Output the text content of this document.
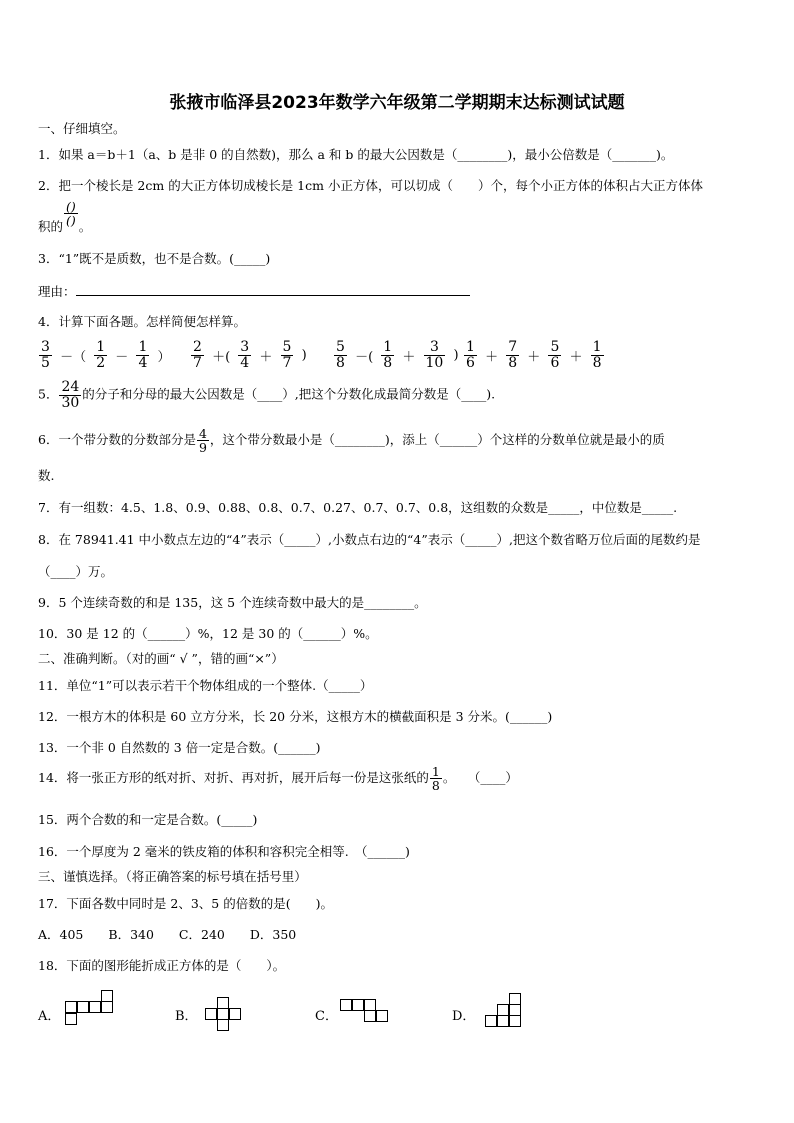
张掖市临泽县2023年数学六年级第二学期期末达标测试试题
一、仔细填空。
1．如果 a＝b＋1（a、b 是非 0 的自然数)，那么 a 和 b 的最大公因数是（________)，最小公倍数是（_______)。
2．把一个棱长是 2cm 的大正方体切成棱长是 1cm 小正方体，可以切成（　　）个，每个小正方体的体积占大正方体体
积的 $\frac{()}{()}$ 。
3．“1”既不是质数，也不是合数。(_____)
理由：
4．计算下面各题。怎样简便怎样算。
$\frac{3}{5}$ －（ $\frac{1}{2} - \frac{1}{4}$ ） $\frac{2}{7}$ ＋( $\frac{3}{4} + \frac{5}{7}$ ) $\frac{5}{8}$ －( $\frac{1}{8} + \frac{3}{10}$ ) $\frac{1}{6} + \frac{7}{8} + \frac{5}{6} + \frac{1}{8}$
5． $\frac{24}{30}$ 的分子和分母的最大公因数是（____）,把这个分数化成最简分数是（____).
6．一个带分数的分数部分是 $\frac{4}{9}$ ，这个带分数最小是（________)，添上（______）个这样的分数单位就是最小的质
数.
7．有一组数：4.5、1.8、0.9、0.88、0.8、0.7、0.27、0.7、0.7、0.8，这组数的众数是_____，中位数是_____.
8．在 78941.41 中小数点左边的“4”表示（_____）,小数点右边的“4”表示（_____）,把这个数省略万位后面的尾数约是
（____）万。
9．5 个连续奇数的和是 135，这 5 个连续奇数中最大的是________。
10．30 是 12 的（______）%，12 是 30 的（______）%。
二、准确判断。（对的画“ √ ”，错的画“×”）
11．单位“1”可以表示若干个物体组成的一个整体.（_____）
12．一根方木的体积是 60 立方分米，长 20 分米，这根方木的横截面积是 3 分米。(______)
13．一个非 0 自然数的 3 倍一定是合数。(______)
14．将一张正方形的纸对折、对折、再对折，展开后每一份是这张纸的 $\frac{1}{8}$ 。　　（____）
15．两个合数的和一定是合数。(_____)
16．一个厚度为 2 毫米的铁皮箱的体积和容积完全相等.　（______)
三、谨慎选择。（将正确答案的标号填在括号里）
17．下面各数中同时是 2、3、5 的倍数的是(　　)。
A．405　　B．340　　C．240　　D．350
18．下面的图形能折成正方体的是（　　）。
A．	B．	C．	D．
